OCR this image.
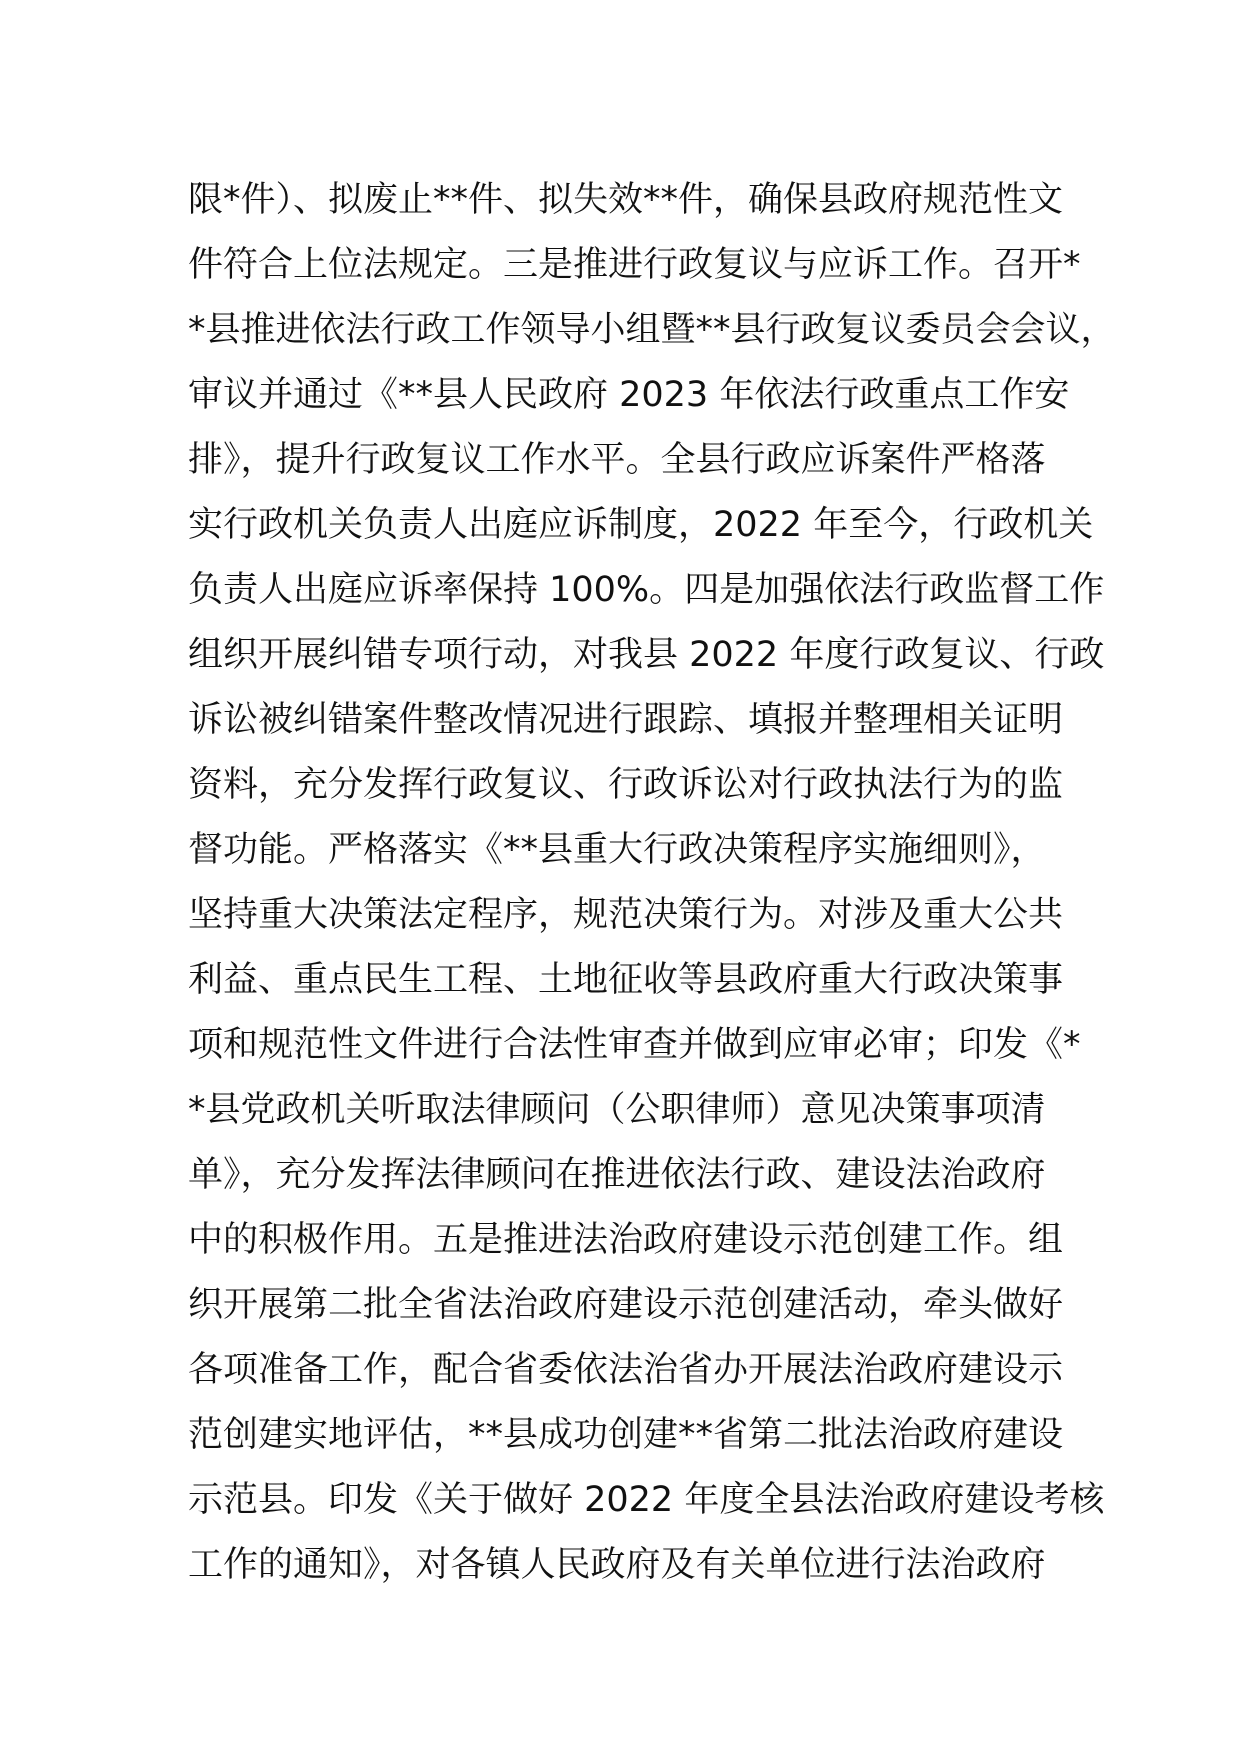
限*件）、拟废止**件、拟失效**件，确保县政府规范性文
件符合上位法规定。三是推进行政复议与应诉工作。召开*
*县推进依法行政工作领导小组暨**县行政复议委员会会议，
审议并通过《**县人民政府 2023 年依法行政重点工作安
排》，提升行政复议工作水平。全县行政应诉案件严格落
实行政机关负责人出庭应诉制度，2022 年至今，行政机关
负责人出庭应诉率保持 100%。四是加强依法行政监督工作
组织开展纠错专项行动，对我县 2022 年度行政复议、行政
诉讼被纠错案件整改情况进行跟踪、填报并整理相关证明
资料，充分发挥行政复议、行政诉讼对行政执法行为的监
督功能。严格落实《**县重大行政决策程序实施细则》，
坚持重大决策法定程序，规范决策行为。对涉及重大公共
利益、重点民生工程、土地征收等县政府重大行政决策事
项和规范性文件进行合法性审查并做到应审必审；印发《*
*县党政机关听取法律顾问（公职律师）意见决策事项清
单》，充分发挥法律顾问在推进依法行政、建设法治政府
中的积极作用。五是推进法治政府建设示范创建工作。组
织开展第二批全省法治政府建设示范创建活动，牵头做好
各项准备工作，配合省委依法治省办开展法治政府建设示
范创建实地评估，**县成功创建**省第二批法治政府建设
示范县。印发《关于做好 2022 年度全县法治政府建设考核
工作的通知》，对各镇人民政府及有关单位进行法治政府
